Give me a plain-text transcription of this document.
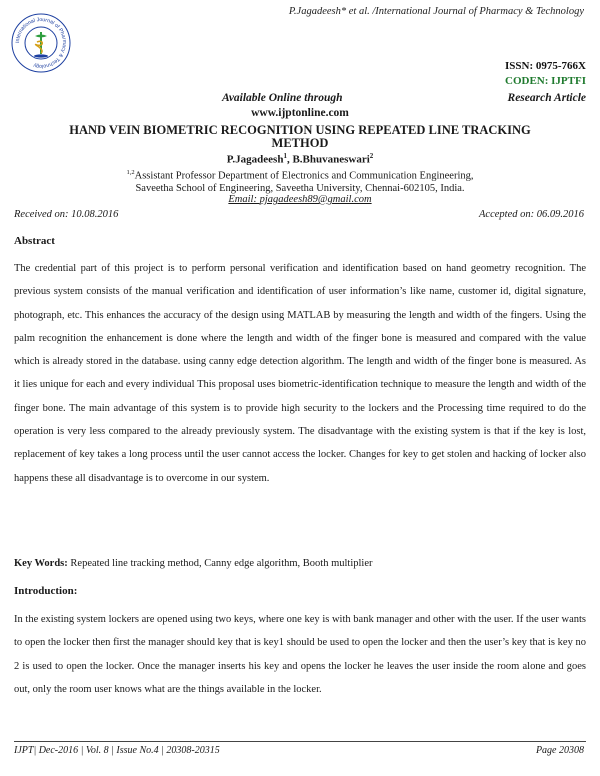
P.Jagadeesh* et al. /International Journal of Pharmacy & Technology
International Journal of Pharmacy & Technology	ISSN: 0975-766X
CODEN: IJPTFI
Available Online through	Research Article
www.ijptonline.com
HAND VEIN BIOMETRIC RECOGNITION USING REPEATED LINE TRACKING METHOD
P.Jagadeesh$^1$, B.Bhuvaneswari$^2$
$^{1,2}$Assistant Professor Department of Electronics and Communication Engineering,
Saveetha School of Engineering, Saveetha University, Chennai-602105, India.
Email: pjagadeesh89@gmail.com
Received on: 10.08.2016	Accepted on: 06.09.2016
Abstract
The credential part of this project is to perform personal verification and identification based on hand geometry recognition. The previous system consists of the manual verification and identification of user information’s like name, customer id, digital signature, photograph, etc. This enhances the accuracy of the design using MATLAB by measuring the length and width of the fingers. Using the palm recognition the enhancement is done where the length and width of the finger bone is measured and compared with the value which is already stored in the database. using canny edge detection algorithm. The length and width of the finger bone is measured. As it lies unique for each and every individual This proposal uses biometric-identification technique to measure the length and width of the finger bone. The main advantage of this system is to provide high security to the lockers and the Processing time required to do the operation is very less compared to the already previously system. The disadvantage with the existing system is that if the key is lost, replacement of key takes a long process until the user cannot access the locker. Changes for key to get stolen and hacking of locker also happens these all disadvantage is to overcome in our system.
Key Words: Repeated line tracking method, Canny edge algorithm, Booth multiplier
Introduction:
In the existing system lockers are opened using two keys, where one key is with bank manager and other with the user. If the user wants to open the locker then first the manager should key that is key1 should be used to open the locker and then the user’s key that is key no 2 is used to open the locker. Once the manager inserts his key and opens the locker he leaves the user inside the room alone and goes out, only the room user knows what are the things available in the locker.
IJPT| Dec-2016 | Vol. 8 | Issue No.4 | 20308-20315	Page 20308
